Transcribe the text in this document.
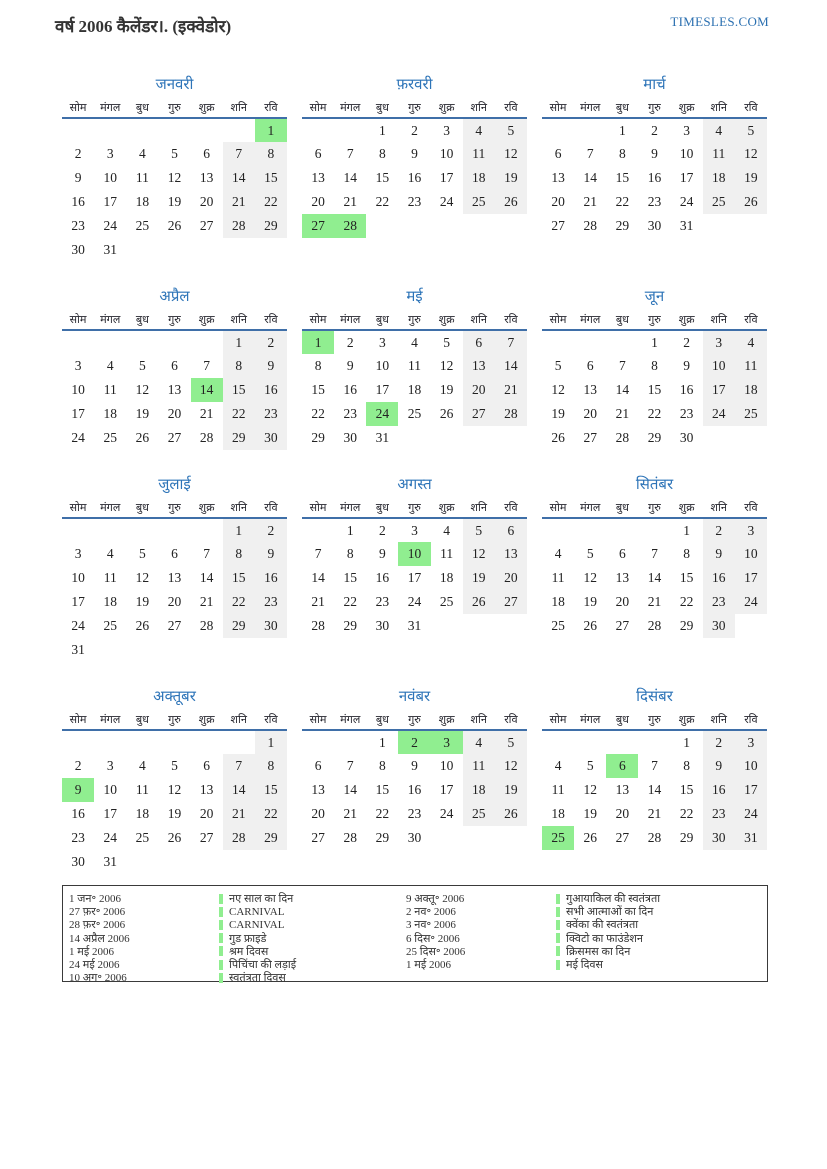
वर्ष 2006 कैलेंडर।. (इक्वेडोर)	TIMESLES.COM
जनवरी
सोम	मंगल	बुध	गुरु	शुक्र	शनि	रवि
						1
2	3	4	5	6	7	8
9	10	11	12	13	14	15
16	17	18	19	20	21	22
23	24	25	26	27	28	29
30	31					
फ़रवरी
सोम	मंगल	बुध	गुरु	शुक्र	शनि	रवि
		1	2	3	4	5
6	7	8	9	10	11	12
13	14	15	16	17	18	19
20	21	22	23	24	25	26
27	28					
मार्च
सोम	मंगल	बुध	गुरु	शुक्र	शनि	रवि
		1	2	3	4	5
6	7	8	9	10	11	12
13	14	15	16	17	18	19
20	21	22	23	24	25	26
27	28	29	30	31		
अप्रैल
सोम	मंगल	बुध	गुरु	शुक्र	शनि	रवि
					1	2
3	4	5	6	7	8	9
10	11	12	13	14	15	16
17	18	19	20	21	22	23
24	25	26	27	28	29	30
मई
सोम	मंगल	बुध	गुरु	शुक्र	शनि	रवि
1	2	3	4	5	6	7
8	9	10	11	12	13	14
15	16	17	18	19	20	21
22	23	24	25	26	27	28
29	30	31				
जून
सोम	मंगल	बुध	गुरु	शुक्र	शनि	रवि
			1	2	3	4
5	6	7	8	9	10	11
12	13	14	15	16	17	18
19	20	21	22	23	24	25
26	27	28	29	30		
जुलाई
सोम	मंगल	बुध	गुरु	शुक्र	शनि	रवि
					1	2
3	4	5	6	7	8	9
10	11	12	13	14	15	16
17	18	19	20	21	22	23
24	25	26	27	28	29	30
31						
अगस्त
सोम	मंगल	बुध	गुरु	शुक्र	शनि	रवि
	1	2	3	4	5	6
7	8	9	10	11	12	13
14	15	16	17	18	19	20
21	22	23	24	25	26	27
28	29	30	31			
सितंबर
सोम	मंगल	बुध	गुरु	शुक्र	शनि	रवि
				1	2	3
4	5	6	7	8	9	10
11	12	13	14	15	16	17
18	19	20	21	22	23	24
25	26	27	28	29	30	
अक्तूबर
सोम	मंगल	बुध	गुरु	शुक्र	शनि	रवि
						1
2	3	4	5	6	7	8
9	10	11	12	13	14	15
16	17	18	19	20	21	22
23	24	25	26	27	28	29
30	31					
नवंबर
सोम	मंगल	बुध	गुरु	शुक्र	शनि	रवि
		1	2	3	4	5
6	7	8	9	10	11	12
13	14	15	16	17	18	19
20	21	22	23	24	25	26
27	28	29	30			
दिसंबर
सोम	मंगल	बुध	गुरु	शुक्र	शनि	रवि
				1	2	3
4	5	6	7	8	9	10
11	12	13	14	15	16	17
18	19	20	21	22	23	24
25	26	27	28	29	30	31
1 जन॰ 2006	नए साल का दिन
27 फ़र॰ 2006	CARNIVAL
28 फ़र॰ 2006	CARNIVAL
14 अप्रैल 2006	गुड फ्राइडे
1 मई 2006	श्रम दिवस
24 मई 2006	पिचिंचा की लड़ाई
10 अग॰ 2006	स्वतंत्रता दिवस
9 अक्तू॰ 2006	गुआयाकिल की स्वतंत्रता
2 नव॰ 2006	सभी आत्माओं का दिन
3 नव॰ 2006	क्वेंका की स्वतंत्रता
6 दिस॰ 2006	क्विटो का फाउंडेशन
25 दिस॰ 2006	क्रिसमस का दिन
1 मई 2006	मई दिवस
